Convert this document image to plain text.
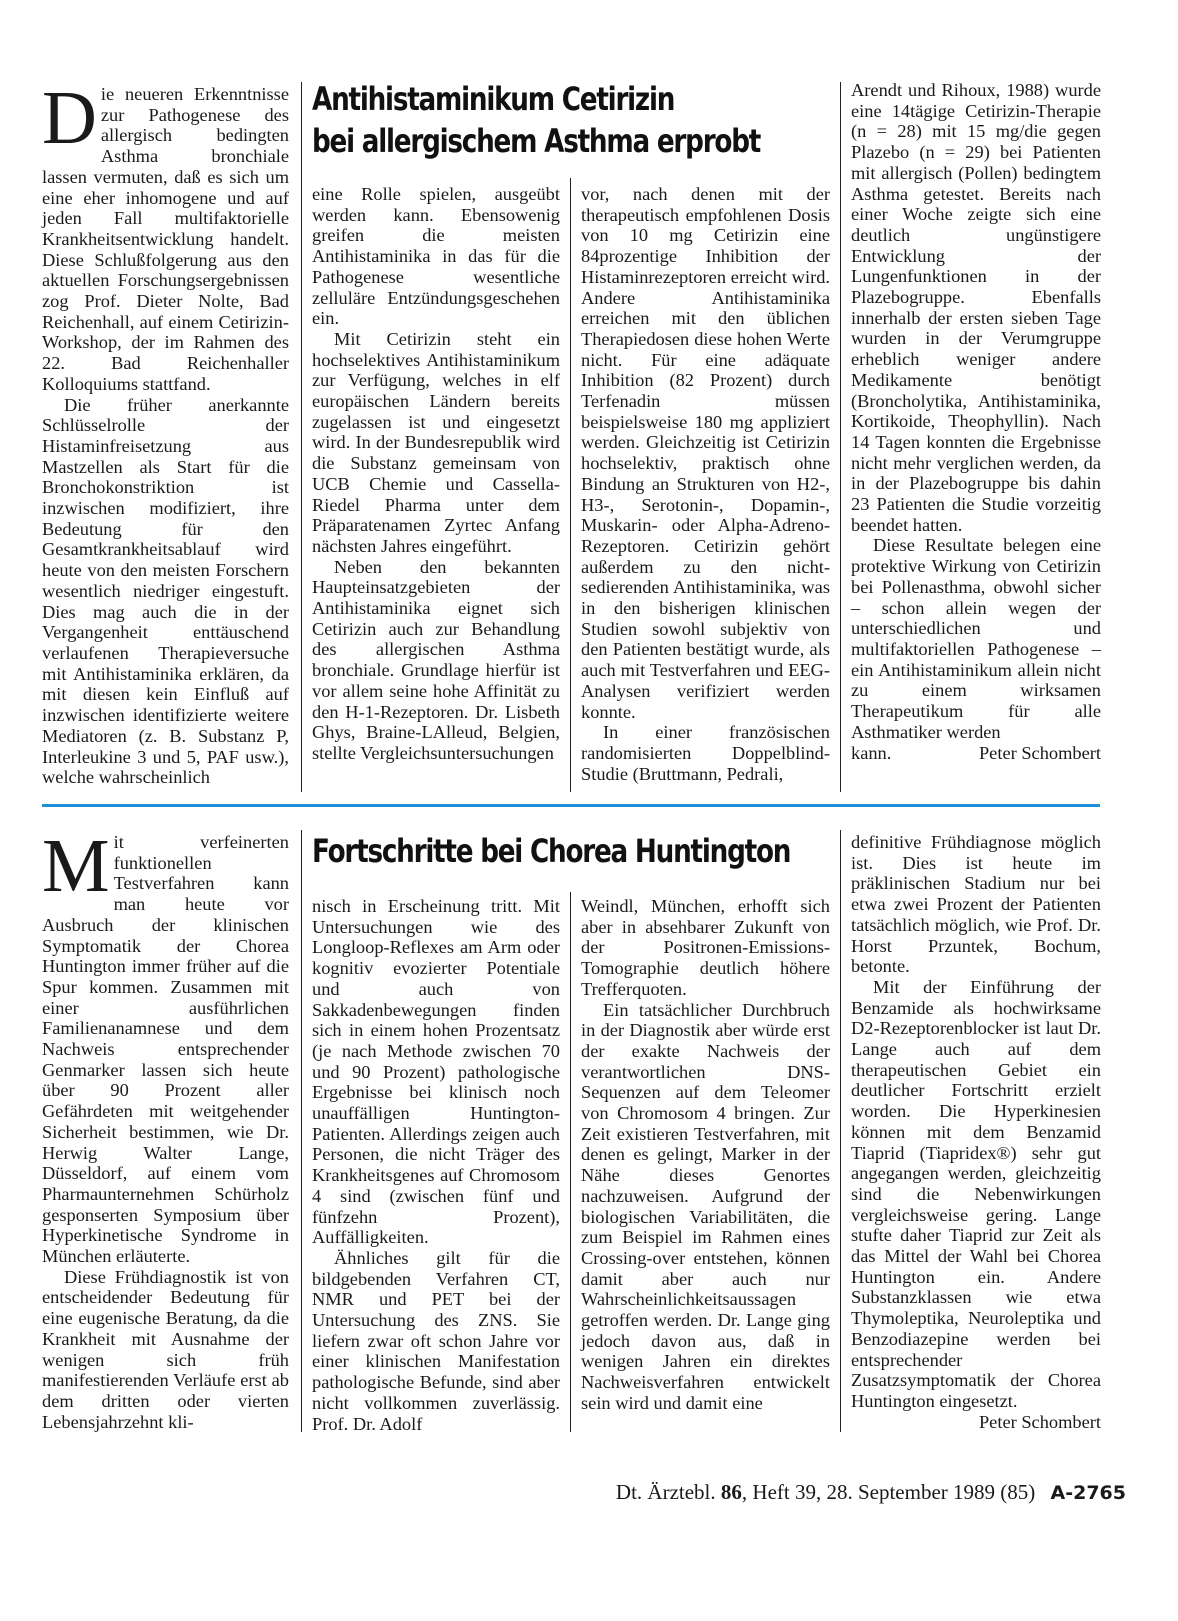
Die neueren Erkenntnisse zur Pathogenese des allergisch bedingten Asthma bronchiale lassen vermuten, daß es sich um eine eher inhomogene und auf jeden Fall multifaktorielle Krankheitsentwicklung handelt. Diese Schlußfolgerung aus den aktuellen Forschungsergebnissen zog Prof. Dieter Nolte, Bad Reichenhall, auf einem Cetirizin-Workshop, der im Rahmen des 22. Bad Reichenhaller Kolloquiums stattfand.

Die früher anerkannte Schlüsselrolle der Histaminfreisetzung aus Mastzellen als Start für die Bronchokonstriktion ist inzwischen modifiziert, ihre Bedeutung für den Gesamtkrankheitsablauf wird heute von den meisten Forschern wesentlich niedriger eingestuft. Dies mag auch die in der Vergangenheit enttäuschend verlaufenen Therapieversuche mit Antihistaminika erklären, da mit diesen kein Einfluß auf inzwischen identifizierte weitere Mediatoren (z. B. Substanz P, Interleukine 3 und 5, PAF usw.), welche wahrscheinlich

Antihistaminikum Cetirizin
bei allergischem Asthma erprobt

eine Rolle spielen, ausgeübt werden kann. Ebensowenig greifen die meisten Antihistaminika in das für die Pathogenese wesentliche zelluläre Entzündungsgeschehen ein.

Mit Cetirizin steht ein hochselektives Antihistaminikum zur Verfügung, welches in elf europäischen Ländern bereits zugelassen ist und eingesetzt wird. In der Bundesrepublik wird die Substanz gemeinsam von UCB Chemie und Cassella-Riedel Pharma unter dem Präparatenamen Zyrtec Anfang nächsten Jahres eingeführt.

Neben den bekannten Haupteinsatzgebieten der Antihistaminika eignet sich Cetirizin auch zur Behandlung des allergischen Asthma bronchiale. Grundlage hierfür ist vor allem seine hohe Affinität zu den H-1-Rezeptoren. Dr. Lisbeth Ghys, Braine-LAlleud, Belgien, stellte Vergleichsuntersuchungen

vor, nach denen mit der therapeutisch empfohlenen Dosis von 10 mg Cetirizin eine 84prozentige Inhibition der Histaminrezeptoren erreicht wird. Andere Antihistaminika erreichen mit den üblichen Therapiedosen diese hohen Werte nicht. Für eine adäquate Inhibition (82 Prozent) durch Terfenadin müssen beispielsweise 180 mg appliziert werden. Gleichzeitig ist Cetirizin hochselektiv, praktisch ohne Bindung an Strukturen von H2-, H3-, Serotonin-, Dopamin-, Muskarin- oder Alpha-Adreno-Rezeptoren. Cetirizin gehört außerdem zu den nicht-sedierenden Antihistaminika, was in den bisherigen klinischen Studien sowohl subjektiv von den Patienten bestätigt wurde, als auch mit Testverfahren und EEG-Analysen verifiziert werden konnte.

In einer französischen randomisierten Doppelblind-Studie (Bruttmann, Pedrali,

Arendt und Rihoux, 1988) wurde eine 14tägige Cetirizin-Therapie (n = 28) mit 15 mg/die gegen Plazebo (n = 29) bei Patienten mit allergisch (Pollen) bedingtem Asthma getestet. Bereits nach einer Woche zeigte sich eine deutlich ungünstigere Entwicklung der Lungenfunktionen in der Plazebogruppe. Ebenfalls innerhalb der ersten sieben Tage wurden in der Verumgruppe erheblich weniger andere Medikamente benötigt (Broncholytika, Antihistaminika, Kortikoide, Theophyllin). Nach 14 Tagen konnten die Ergebnisse nicht mehr verglichen werden, da in der Plazebogruppe bis dahin 23 Patienten die Studie vorzeitig beendet hatten.

Diese Resultate belegen eine protektive Wirkung von Cetirizin bei Pollenasthma, obwohl sicher – schon allein wegen der unterschiedlichen und multifaktoriellen Pathogenese – ein Antihistaminikum allein nicht zu einem wirksamen Therapeutikum für alle Asthmatiker werden

kann.	Peter Schombert

Mit verfeinerten funktionellen Testverfahren kann man heute vor Ausbruch der klinischen Symptomatik der Chorea Huntington immer früher auf die Spur kommen. Zusammen mit einer ausführlichen Familienanamnese und dem Nachweis entsprechender Genmarker lassen sich heute über 90 Prozent aller Gefährdeten mit weitgehender Sicherheit bestimmen, wie Dr. Herwig Walter Lange, Düsseldorf, auf einem vom Pharmaunternehmen Schürholz gesponserten Symposium über Hyperkinetische Syndrome in München erläuterte.

Diese Frühdiagnostik ist von entscheidender Bedeutung für eine eugenische Beratung, da die Krankheit mit Ausnahme der wenigen sich früh manifestierenden Verläufe erst ab dem dritten oder vierten Lebensjahrzehnt kli-

Fortschritte bei Chorea Huntington

nisch in Erscheinung tritt. Mit Untersuchungen wie des Longloop-Reflexes am Arm oder kognitiv evozierter Potentiale und auch von Sakkadenbewegungen finden sich in einem hohen Prozentsatz (je nach Methode zwischen 70 und 90 Prozent) pathologische Ergebnisse bei klinisch noch unauffälligen Huntington-Patienten. Allerdings zeigen auch Personen, die nicht Träger des Krankheitsgenes auf Chromosom 4 sind (zwischen fünf und fünfzehn Prozent), Auffälligkeiten.

Ähnliches gilt für die bildgebenden Verfahren CT, NMR und PET bei der Untersuchung des ZNS. Sie liefern zwar oft schon Jahre vor einer klinischen Manifestation pathologische Befunde, sind aber nicht vollkommen zuverlässig. Prof. Dr. Adolf

Weindl, München, erhofft sich aber in absehbarer Zukunft von der Positronen-Emissions-Tomographie deutlich höhere Trefferquoten.

Ein tatsächlicher Durchbruch in der Diagnostik aber würde erst der exakte Nachweis der verantwortlichen DNS-Sequenzen auf dem Teleomer von Chromosom 4 bringen. Zur Zeit existieren Testverfahren, mit denen es gelingt, Marker in der Nähe dieses Genortes nachzuweisen. Aufgrund der biologischen Variabilitäten, die zum Beispiel im Rahmen eines Crossing-over entstehen, können damit aber auch nur Wahrscheinlichkeitsaussagen getroffen werden. Dr. Lange ging jedoch davon aus, daß in wenigen Jahren ein direktes Nachweisverfahren entwickelt sein wird und damit eine

definitive Frühdiagnose möglich ist. Dies ist heute im präklinischen Stadium nur bei etwa zwei Prozent der Patienten tatsächlich möglich, wie Prof. Dr. Horst Przuntek, Bochum, betonte.

Mit der Einführung der Benzamide als hochwirksame D2-Rezeptorenblocker ist laut Dr. Lange auch auf dem therapeutischen Gebiet ein deutlicher Fortschritt erzielt worden. Die Hyperkinesien können mit dem Benzamid Tiaprid (Tiapridex®) sehr gut angegangen werden, gleichzeitig sind die Nebenwirkungen vergleichsweise gering. Lange stufte daher Tiaprid zur Zeit als das Mittel der Wahl bei Chorea Huntington ein. Andere Substanzklassen wie etwa Thymoleptika, Neuroleptika und Benzodiazepine werden bei entsprechender Zusatzsymptomatik der Chorea Huntington eingesetzt.

Peter Schombert
Dt. Ärztebl. 86, Heft 39, 28. September 1989 (85) A-2765
